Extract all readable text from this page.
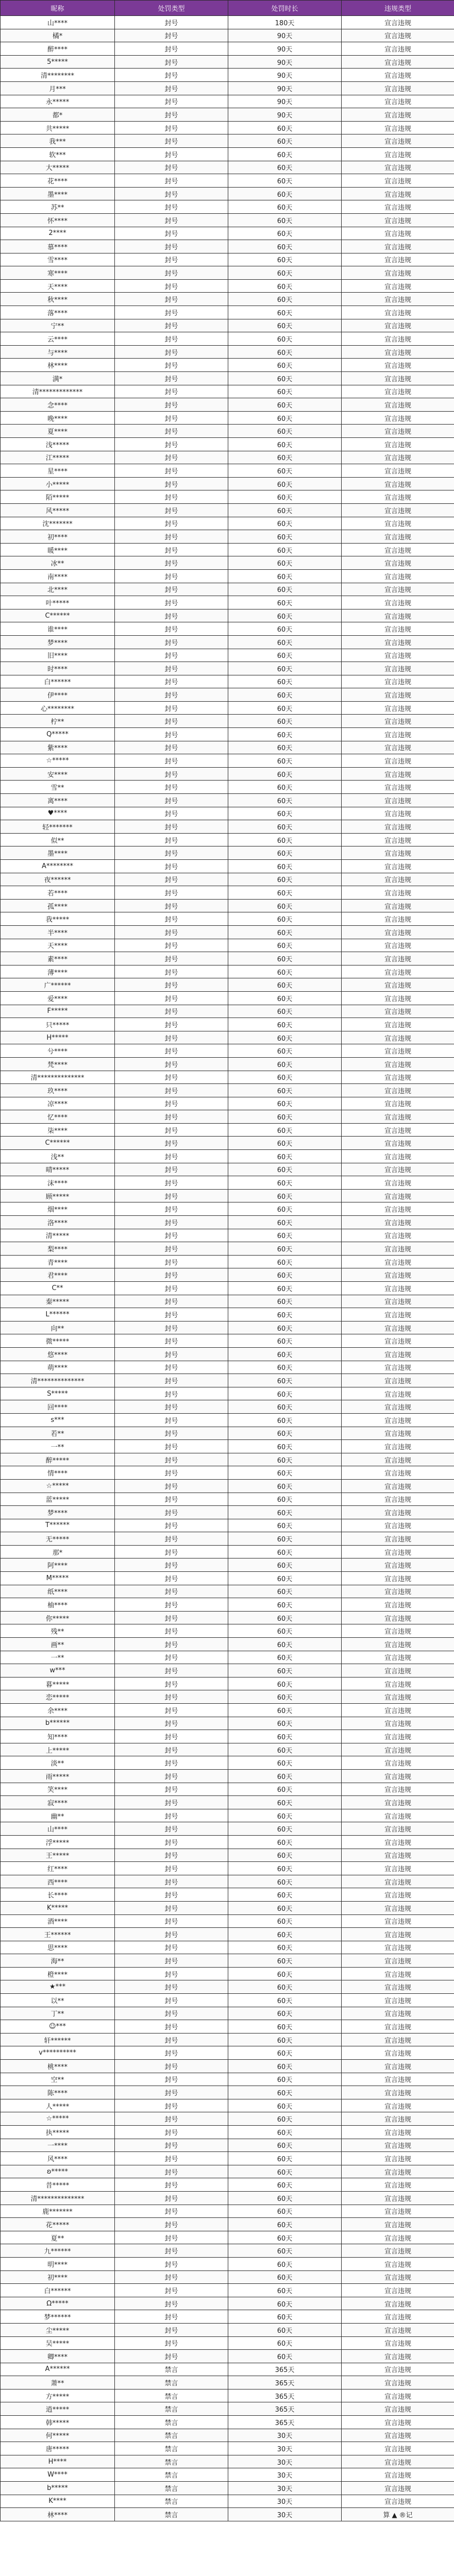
昵称	处罚类型	处罚时长	违规类型
山****	封号	180天	宣言违规
橘*	封号	90天	宣言违规
醉****	封号	90天	宣言违规
5*****	封号	90天	宣言违规
清********	封号	90天	宣言违规
月***	封号	90天	宣言违规
永*****	封号	90天	宣言违规
都*	封号	90天	宣言违规
共*****	封号	60天	宣言违规
我***	封号	60天	宣言违规
软***	封号	60天	宣言违规
大*****	封号	60天	宣言违规
花****	封号	60天	宣言违规
墨****	封号	60天	宣言违规
苏**	封号	60天	宣言违规
怀****	封号	60天	宣言违规
2****	封号	60天	宣言违规
慕****	封号	60天	宣言违规
雪****	封号	60天	宣言违规
寒****	封号	60天	宣言违规
天****	封号	60天	宣言违规
秋****	封号	60天	宣言违规
落****	封号	60天	宣言违规
宁**	封号	60天	宣言违规
云****	封号	60天	宣言违规
与****	封号	60天	宣言违规
林****	封号	60天	宣言违规
满*	封号	60天	宣言违规
清*************	封号	60天	宣言违规
念****	封号	60天	宣言违规
晚****	封号	60天	宣言违规
夏****	封号	60天	宣言违规
浅*****	封号	60天	宣言违规
江*****	封号	60天	宣言违规
星****	封号	60天	宣言违规
小*****	封号	60天	宣言违规
陌*****	封号	60天	宣言违规
风*****	封号	60天	宣言违规
沈*******	封号	60天	宣言违规
初****	封号	60天	宣言违规
暖****	封号	60天	宣言违规
冰**	封号	60天	宣言违规
南****	封号	60天	宣言违规
北****	封号	60天	宣言违规
叶*****	封号	60天	宣言违规
C******	封号	60天	宣言违规
谁****	封号	60天	宣言违规
梦****	封号	60天	宣言违规
旧****	封号	60天	宣言违规
时****	封号	60天	宣言违规
白******	封号	60天	宣言违规
伊****	封号	60天	宣言违规
心********	封号	60天	宣言违规
柠**	封号	60天	宣言违规
Q*****	封号	60天	宣言违规
紫****	封号	60天	宣言违规
☆*****	封号	60天	宣言违规
安****	封号	60天	宣言违规
雪**	封号	60天	宣言违规
离****	封号	60天	宣言违规
♥****	封号	60天	宣言违规
轻*******	封号	60天	宣言违规
似**	封号	60天	宣言违规
墨****	封号	60天	宣言违规
A********	封号	60天	宣言违规
夜******	封号	60天	宣言违规
若****	封号	60天	宣言违规
孤****	封号	60天	宣言违规
我*****	封号	60天	宣言违规
半****	封号	60天	宣言违规
天****	封号	60天	宣言违规
素****	封号	60天	宣言违规
薄****	封号	60天	宣言违规
广******	封号	60天	宣言违规
爱****	封号	60天	宣言违规
F*****	封号	60天	宣言违规
只*****	封号	60天	宣言违规
H*****	封号	60天	宣言违规
兮****	封号	60天	宣言违规
梵****	封号	60天	宣言违规
清**************	封号	60天	宣言违规
玖****	封号	60天	宣言违规
凉****	封号	60天	宣言违规
忆****	封号	60天	宣言违规
柒****	封号	60天	宣言违规
C******	封号	60天	宣言违规
浅**	封号	60天	宣言违规
晴*****	封号	60天	宣言违规
沫****	封号	60天	宣言违规
顾*****	封号	60天	宣言违规
烟****	封号	60天	宣言违规
洛****	封号	60天	宣言违规
清*****	封号	60天	宣言违规
梨****	封号	60天	宣言违规
青****	封号	60天	宣言违规
君****	封号	60天	宣言违规
C**	封号	60天	宣言违规
秦*****	封号	60天	宣言违规
L******	封号	60天	宣言违规
向**	封号	60天	宣言违规
微*****	封号	60天	宣言违规
悠****	封号	60天	宣言违规
萌****	封号	60天	宣言违规
清**************	封号	60天	宣言违规
S*****	封号	60天	宣言违规
回****	封号	60天	宣言违规
s***	封号	60天	宣言违规
若**	封号	60天	宣言违规
一**	封号	60天	宣言违规
醉*****	封号	60天	宣言违规
情****	封号	60天	宣言违规
☆*****	封号	60天	宣言违规
蓝*****	封号	60天	宣言违规
梦****	封号	60天	宣言违规
T******	封号	60天	宣言违规
无*****	封号	60天	宣言违规
那*	封号	60天	宣言违规
阿****	封号	60天	宣言违规
M*****	封号	60天	宣言违规
纸****	封号	60天	宣言违规
柚****	封号	60天	宣言违规
你*****	封号	60天	宣言违规
残**	封号	60天	宣言违规
画**	封号	60天	宣言违规
一**	封号	60天	宣言违规
w***	封号	60天	宣言违规
暮*****	封号	60天	宣言违规
恋*****	封号	60天	宣言违规
余****	封号	60天	宣言违规
b******	封号	60天	宣言违规
知****	封号	60天	宣言违规
上*****	封号	60天	宣言违规
淡**	封号	60天	宣言违规
雨*****	封号	60天	宣言违规
笑****	封号	60天	宣言违规
寂****	封号	60天	宣言违规
幽**	封号	60天	宣言违规
山****	封号	60天	宣言违规
浮*****	封号	60天	宣言违规
王*****	封号	60天	宣言违规
红****	封号	60天	宣言违规
西****	封号	60天	宣言违规
长****	封号	60天	宣言违规
K*****	封号	60天	宣言违规
酒****	封号	60天	宣言违规
王******	封号	60天	宣言违规
思****	封号	60天	宣言违规
海**	封号	60天	宣言违规
橙****	封号	60天	宣言违规
★***	封号	60天	宣言违规
以**	封号	60天	宣言违规
丁**	封号	60天	宣言违规
☺***	封号	60天	宣言违规
轩******	封号	60天	宣言违规
v**********	封号	60天	宣言违规
桃****	封号	60天	宣言违规
空**	封号	60天	宣言违规
陈****	封号	60天	宣言违规
人*****	封号	60天	宣言违规
☆*****	封号	60天	宣言违规
执*****	封号	60天	宣言违规
一****	封号	60天	宣言违规
风****	封号	60天	宣言违规
ʚ*****	封号	60天	宣言违规
昔*****	封号	60天	宣言违规
清**************	封号	60天	宣言违规
鹿*******	封号	60天	宣言违规
花*****	封号	60天	宣言违规
夏**	封号	60天	宣言违规
九******	封号	60天	宣言违规
明****	封号	60天	宣言违规
初****	封号	60天	宣言违规
白******	封号	60天	宣言违规
Ω*****	封号	60天	宣言违规
梦******	封号	60天	宣言违规
尘*****	封号	60天	宣言违规
吴*****	封号	60天	宣言违规
卿****	封号	60天	宣言违规
A******	禁言	365天	宣言违规
萧**	禁言	365天	宣言违规
方*****	禁言	365天	宣言违规
逍*****	禁言	365天	宣言违规
韩*****	禁言	365天	宣言违规
何*****	禁言	30天	宣言违规
唐*****	禁言	30天	宣言违规
H****	禁言	30天	宣言违规
W****	禁言	30天	宣言违规
b*****	禁言	30天	宣言违规
K****	禁言	30天	宣言违规
林****	禁言	30天	算 ▲ ®记
